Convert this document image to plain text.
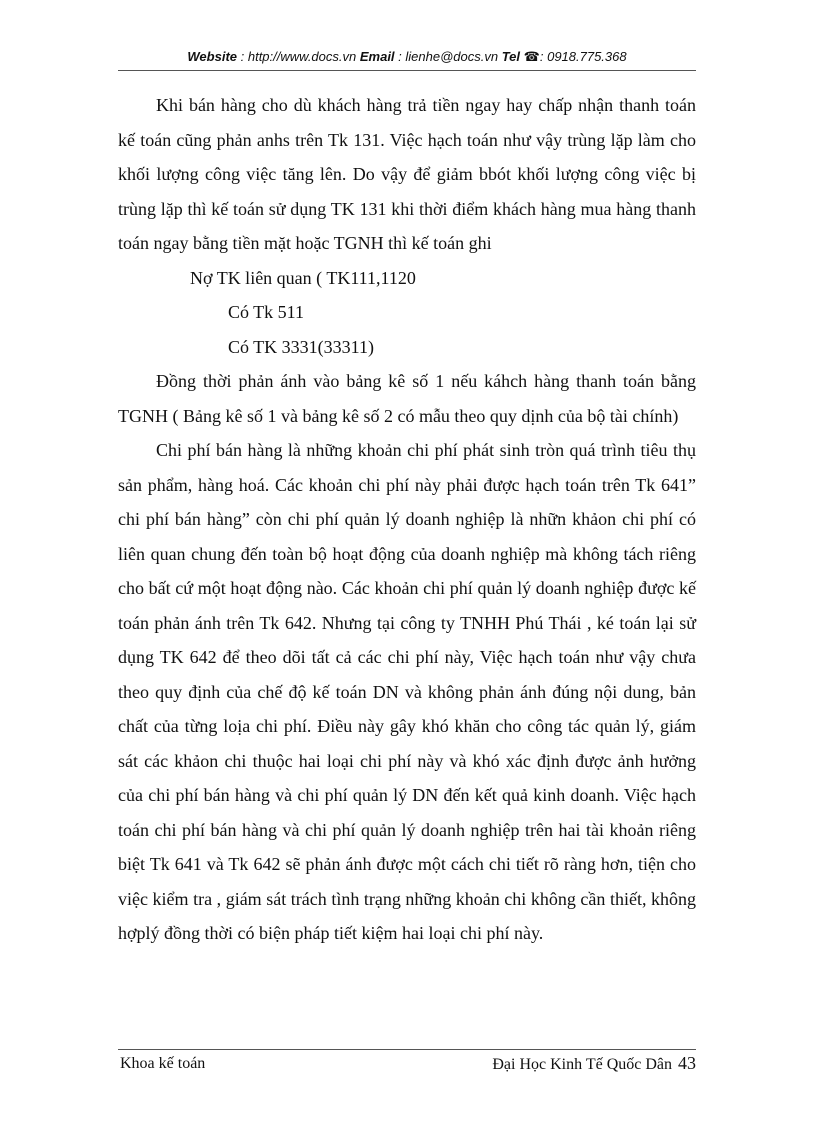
Website : http://www.docs.vn Email : lienhe@docs.vn Tel ☎: 0918.775.368

Khi bán hàng cho dù khách hàng trả tiền ngay hay chấp nhận thanh toán kế toán cũng phản anhs trên Tk 131. Việc hạch toán như vậy trùng lặp làm cho khối lượng công việc tăng lên. Do vậy để giảm bbót khối lượng công việc bị trùng lặp thì kế toán sử dụng TK 131 khi thời điểm khách hàng mua hàng thanh toán ngay bằng tiền mặt hoặc TGNH thì kế toán ghi

Nợ TK liên quan ( TK111,1120

Có Tk 511

Có TK 3331(33311)

Đồng thời phản ánh vào bảng kê số 1 nếu káhch hàng thanh toán bằng TGNH ( Bảng kê số 1 và bảng kê số 2 có mẫu theo quy dịnh của bộ tài chính)

Chi phí bán hàng là những khoản chi phí phát sinh tròn quá trình tiêu thụ sản phẩm, hàng hoá. Các khoản chi phí này phải được hạch toán trên Tk 641” chi phí bán hàng” còn chi phí quản lý doanh nghiệp là nhữn khảon chi phí có liên quan chung đến toàn bộ hoạt động của doanh nghiệp mà không tách riêng cho bất cứ một hoạt động nào. Các khoản chi phí quản lý doanh nghiệp được kế toán phản ánh trên Tk 642. Nhưng tại công ty TNHH Phú Thái , ké toán lại sử dụng TK 642 để theo dõi tất cả các chi phí này, Việc hạch toán như vậy chưa theo quy định của chế độ kế toán DN và không phản ánh đúng nội dung, bản chất của từng loịa chi phí. Điều này gây khó khăn cho công tác quản lý, giám sát các khảon chi thuộc hai loại chi phí này và khó xác định được ảnh hưởng của chi phí bán hàng và chi phí quản lý DN đến kết quả kinh doanh. Việc hạch toán chi phí bán hàng và chi phí quản lý doanh nghiệp trên hai tài khoản riêng biệt Tk 641 và Tk 642 sẽ phản ánh được một cách chi tiết rõ ràng hơn, tiện cho việc kiểm tra , giám sát trách tình trạng những khoản chi không cần thiết, không hợplý đồng thời có biện pháp tiết kiệm hai loại chi phí này.

Khoa kế toán	Đại Học Kinh Tế Quốc Dân 43
